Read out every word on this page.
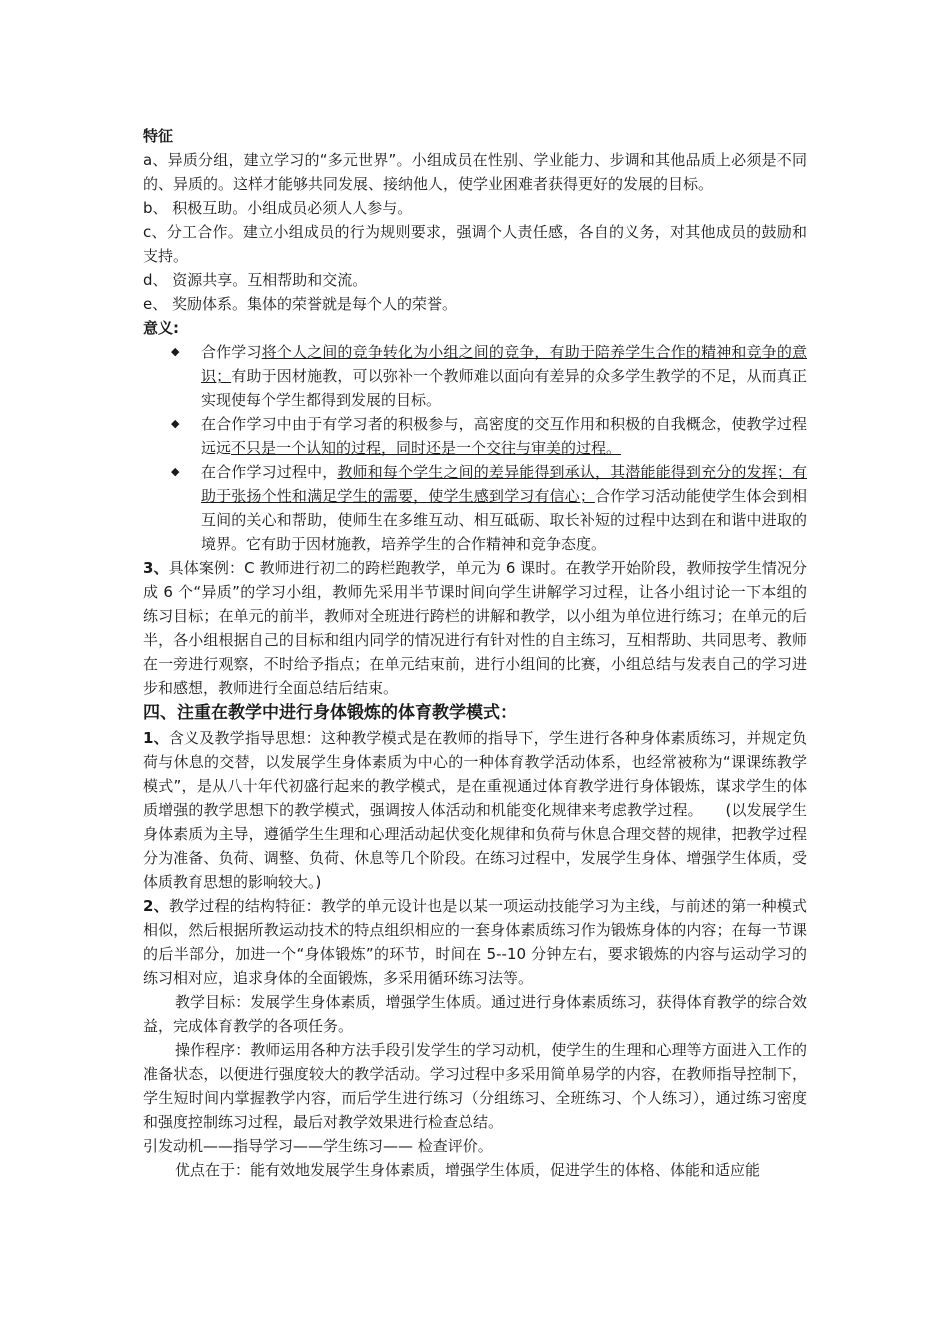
特征

a、异质分组，建立学习的“多元世界”。小组成员在性别、学业能力、步调和其他品质上必须是不同的、异质的。这样才能够共同发展、接纳他人，使学业困难者获得更好的发展的目标。

b、 积极互助。小组成员必须人人参与。

c、分工合作。建立小组成员的行为规则要求，强调个人责任感，各自的义务，对其他成员的鼓励和支持。

d、 资源共享。互相帮助和交流。

e、 奖励体系。集体的荣誉就是每个人的荣誉。

意义:

◆ 合作学习将个人之间的竞争转化为小组之间的竞争，有助于陪养学生合作的精神和竞争的意识；有助于因材施教，可以弥补一个教师难以面向有差异的众多学生教学的不足，从而真正实现使每个学生都得到发展的目标。

◆ 在合作学习中由于有学习者的积极参与，高密度的交互作用和积极的自我概念，使教学过程远远不只是一个认知的过程，同时还是一个交往与审美的过程。

◆ 在合作学习过程中，教师和每个学生之间的差异能得到承认，其潜能能得到充分的发挥；有助于张扬个性和满足学生的需要，使学生感到学习有信心；合作学习活动能使学生体会到相互间的关心和帮助，使师生在多维互动、相互砥砺、取长补短的过程中达到在和谐中进取的境界。它有助于因材施教，培养学生的合作精神和竞争态度。

3、具体案例：C 教师进行初二的跨栏跑教学，单元为 6 课时。在教学开始阶段，教师按学生情况分成 6 个“异质”的学习小组，教师先采用半节课时间向学生讲解学习过程，让各小组讨论一下本组的练习目标；在单元的前半，教师对全班进行跨栏的讲解和教学，以小组为单位进行练习；在单元的后半，各小组根据自己的目标和组内同学的情况进行有针对性的自主练习，互相帮助、共同思考、教师在一旁进行观察，不时给予指点；在单元结束前，进行小组间的比赛，小组总结与发表自己的学习进步和感想，教师进行全面总结后结束。

四、注重在教学中进行身体锻炼的体育教学模式：

1、含义及教学指导思想：这种教学模式是在教师的指导下，学生进行各种身体素质练习，并规定负荷与休息的交替，以发展学生身体素质为中心的一种体育教学活动体系，也经常被称为“课课练教学模式”，是从八十年代初盛行起来的教学模式，是在重视通过体育教学进行身体锻炼，谋求学生的体质增强的教学思想下的教学模式，强调按人体活动和机能变化规律来考虑教学过程。　　(以发展学生身体素质为主导，遵循学生生理和心理活动起伏变化规律和负荷与休息合理交替的规律，把教学过程分为准备、负荷、调整、负荷、休息等几个阶段。在练习过程中，发展学生身体、增强学生体质，受体质教育思想的影响较大。)

2、教学过程的结构特征：教学的单元设计也是以某一项运动技能学习为主线，与前述的第一种模式相似，然后根据所教运动技术的特点组织相应的一套身体素质练习作为锻炼身体的内容；在每一节课的后半部分，加进一个“身体锻炼”的环节，时间在 5--10 分钟左右，要求锻炼的内容与运动学习的练习相对应，追求身体的全面锻炼，多采用循环练习法等。

教学目标：发展学生身体素质，增强学生体质。通过进行身体素质练习，获得体育教学的综合效益，完成体育教学的各项任务。

操作程序：教师运用各种方法手段引发学生的学习动机，使学生的生理和心理等方面进入工作的准备状态，以便进行强度较大的教学活动。学习过程中多采用简单易学的内容，在教师指导控制下，学生短时间内掌握教学内容，而后学生进行练习（分组练习、全班练习、个人练习），通过练习密度和强度控制练习过程，最后对教学效果进行检查总结。

引发动机——指导学习——学生练习—— 检查评价。

优点在于：能有效地发展学生身体素质，增强学生体质，促进学生的体格、体能和适应能
